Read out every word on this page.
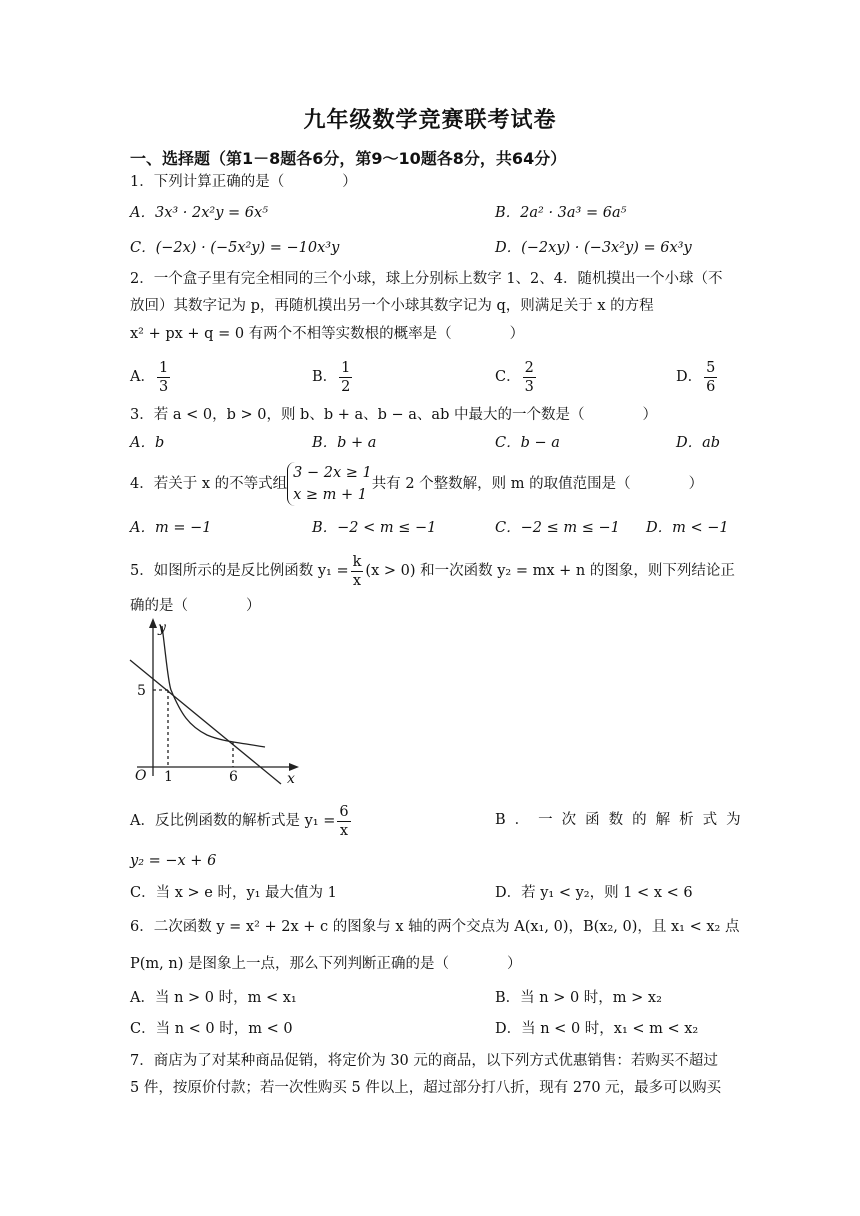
九年级数学竞赛联考试卷
一、选择题（第1－8题各6分，第9～10题各8分，共64分）
1．下列计算正确的是（　　　　）
A．3x³ · 2x²y = 6x⁵	B．2a² · 3a³ = 6a⁵
C．(−2x) · (−5x²y) = −10x³y	D．(−2xy) · (−3x²y) = 6x³y
2．一个盒子里有完全相同的三个小球，球上分别标上数字 1、2、4．随机摸出一个小球（不
放回）其数字记为 p，再随机摸出另一个小球其数字记为 q，则满足关于 x 的方程
x² + px + q = 0 有两个不相等实数根的概率是（　　　　）
A． $\frac{1}{3}$	B． $\frac{1}{2}$	C． $\frac{2}{3}$	D． $\frac{5}{6}$
3．若 a < 0，b > 0，则 b、b + a、b − a、ab 中最大的一个数是（　　　　）
A．b	B．b + a	C．b − a	D．ab
4．若关于 x 的不等式组
3 − 2x ≥ 1
x ≥ m + 1
共有 2 个整数解，则 m 的取值范围是（　　　　）
A．m = −1	B．−2 < m ≤ −1	C．−2 ≤ m ≤ −1 D．m < −1
5．如图所示的是反比例函数 $y_1 = \frac{k}{x} (x > 0)$ 和一次函数 y₂ = mx + n 的图象，则下列结论正
确的是（　　　　）
y
x
O
5
1	6
A．反比例函数的解析式是 $y_1 = \frac{6}{x}$	B．一次函数的解析式为
y₂ = −x + 6
C．当 x > e 时，y₁ 最大值为 1	D．若 y₁ < y₂，则 1 < x < 6
6．二次函数 y = x² + 2x + c 的图象与 x 轴的两个交点为 A(x₁, 0)，B(x₂, 0)，且 x₁ < x₂ 点
P(m, n) 是图象上一点，那么下列判断正确的是（　　　　）
A．当 n > 0 时，m < x₁	B．当 n > 0 时，m > x₂
C．当 n < 0 时，m < 0	D．当 n < 0 时，x₁ < m < x₂
7．商店为了对某种商品促销，将定价为 30 元的商品，以下列方式优惠销售：若购买不超过
5 件，按原价付款；若一次性购买 5 件以上，超过部分打八折，现有 270 元，最多可以购买
